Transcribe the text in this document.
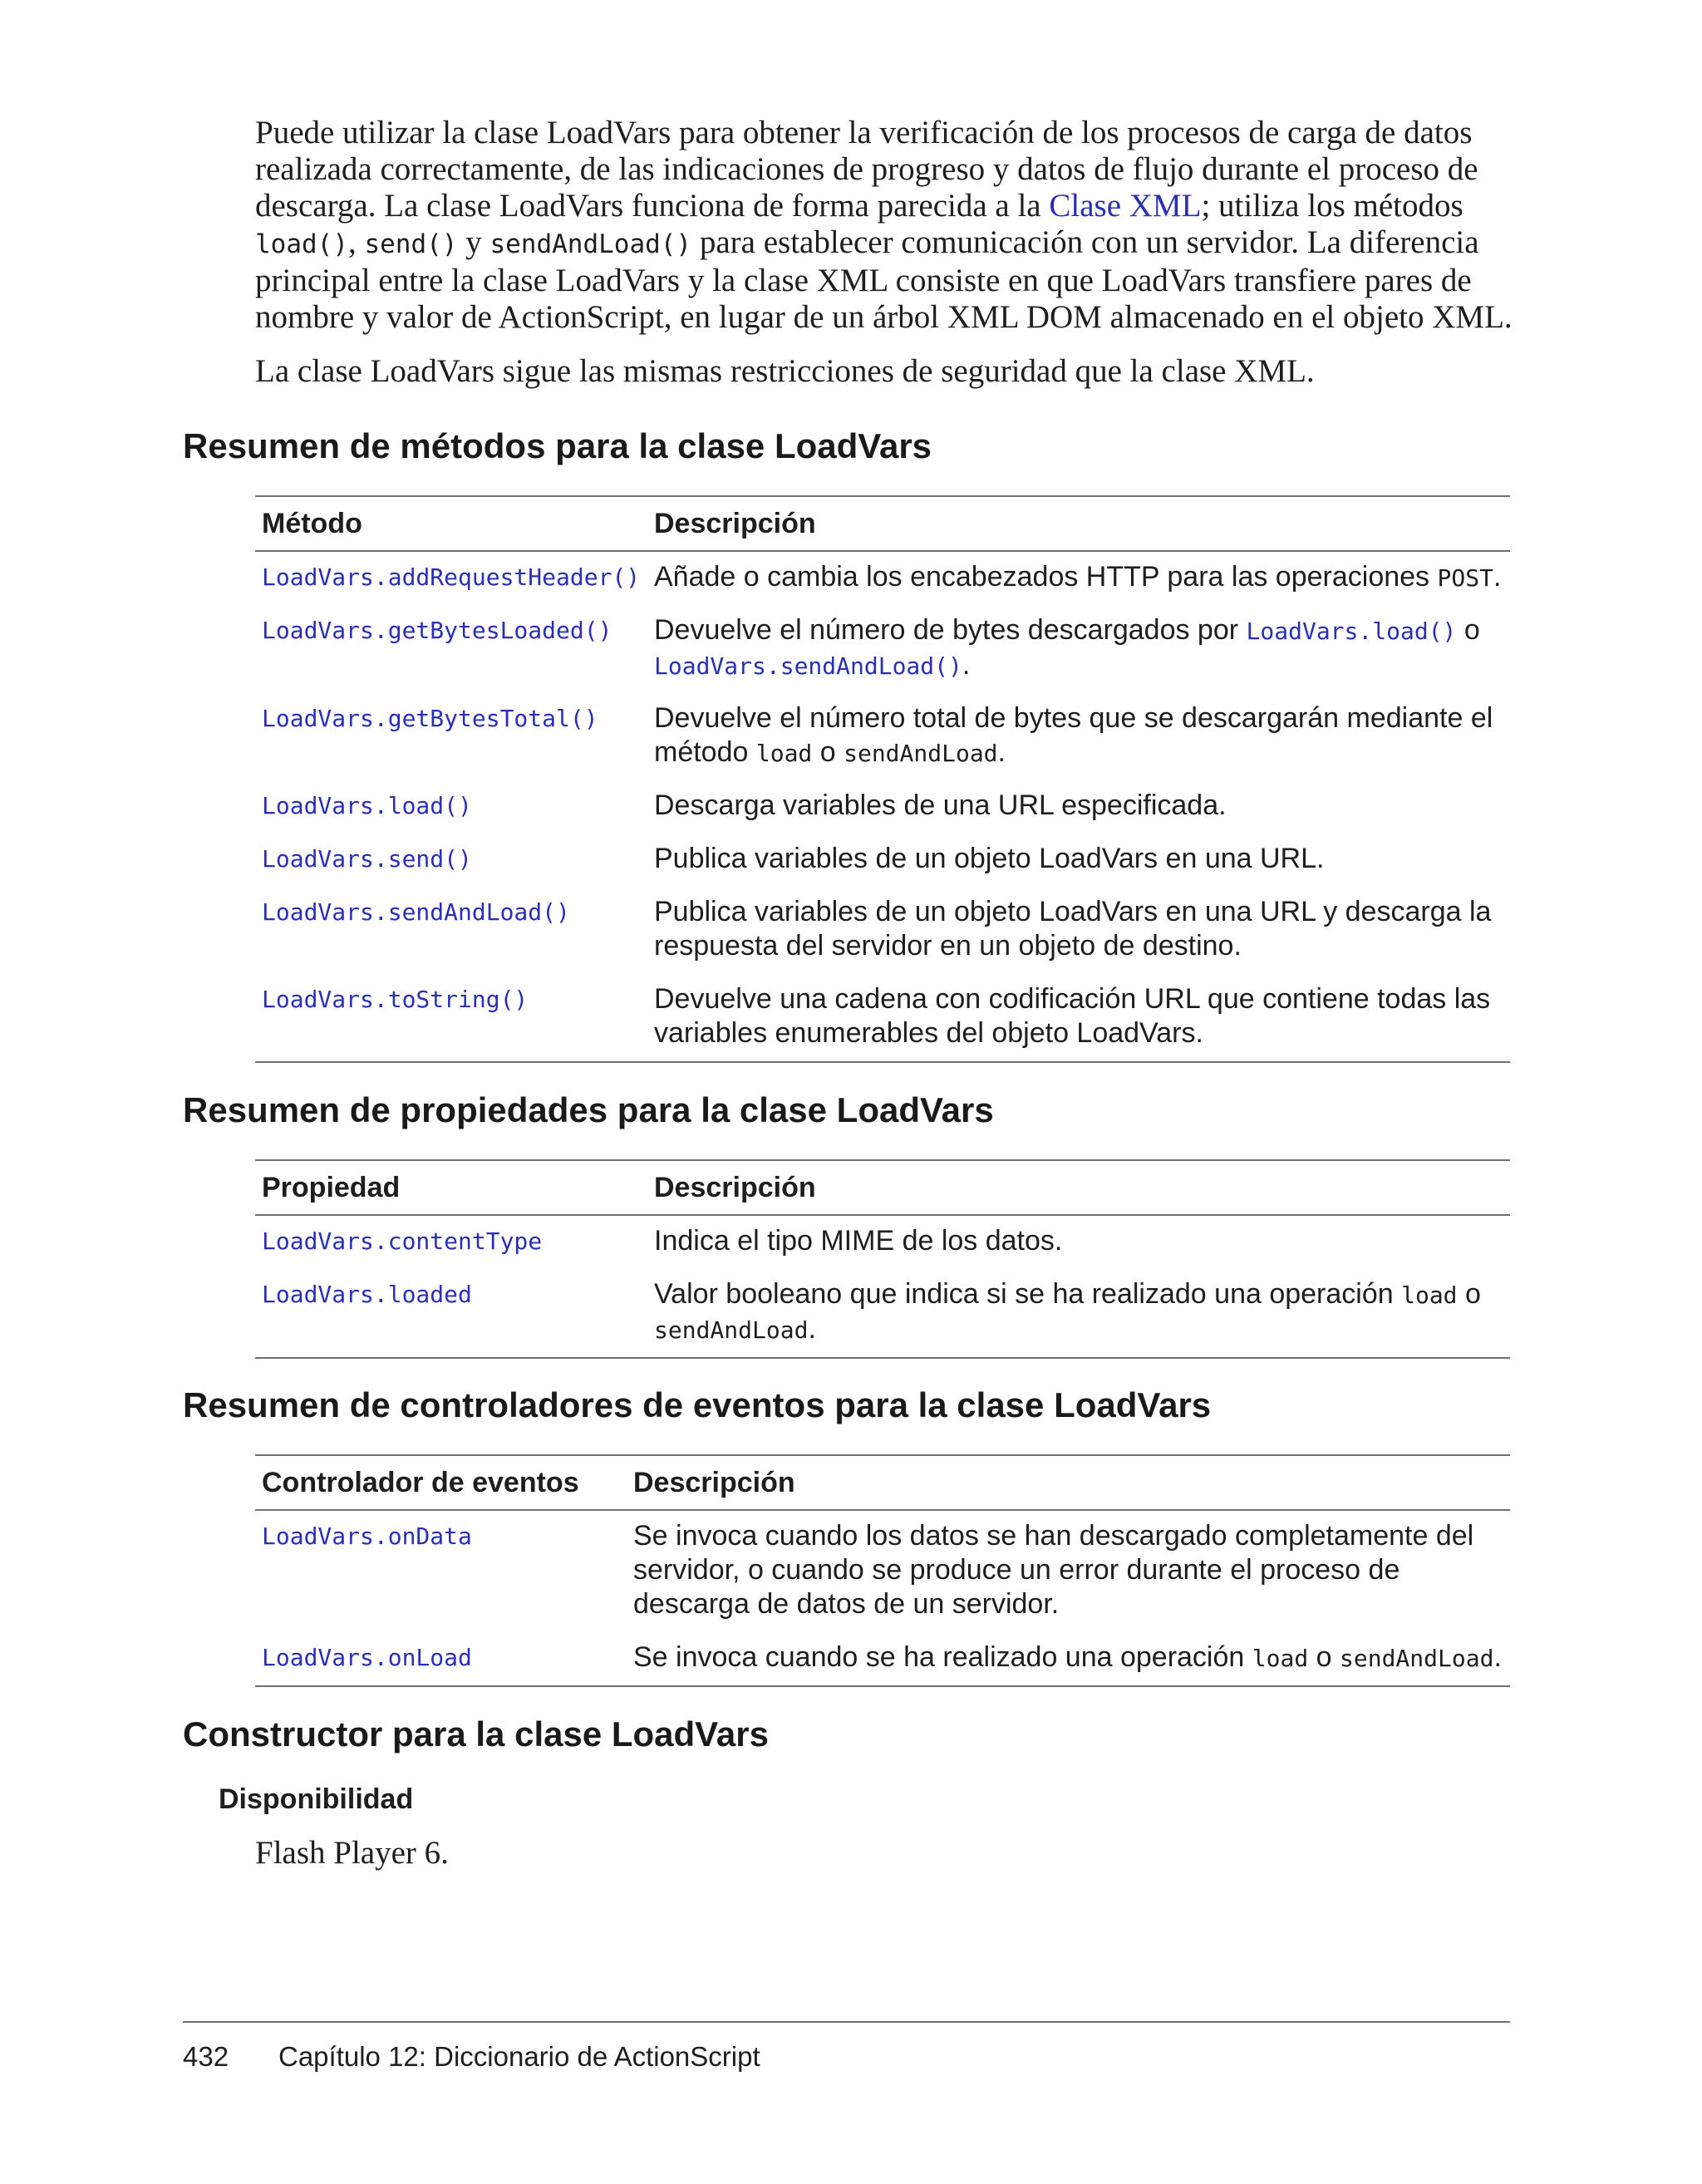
Puede utilizar la clase LoadVars para obtener la verificación de los procesos de carga de datos realizada correctamente, de las indicaciones de progreso y datos de flujo durante el proceso de descarga. La clase LoadVars funciona de forma parecida a la Clase XML; utiliza los métodos load(), send() y sendAndLoad() para establecer comunicación con un servidor. La diferencia principal entre la clase LoadVars y la clase XML consiste en que LoadVars transfiere pares de nombre y valor de ActionScript, en lugar de un árbol XML DOM almacenado en el objeto XML.

La clase LoadVars sigue las mismas restricciones de seguridad que la clase XML.

Resumen de métodos para la clase LoadVars
Método	Descripción
LoadVars.addRequestHeader()	Añade o cambia los encabezados HTTP para las operaciones POST.
LoadVars.getBytesLoaded()	Devuelve el número de bytes descargados por LoadVars.load() o LoadVars.sendAndLoad().
LoadVars.getBytesTotal()	Devuelve el número total de bytes que se descargarán mediante el método load o sendAndLoad.
LoadVars.load()	Descarga variables de una URL especificada.
LoadVars.send()	Publica variables de un objeto LoadVars en una URL.
LoadVars.sendAndLoad()	Publica variables de un objeto LoadVars en una URL y descarga la respuesta del servidor en un objeto de destino.
LoadVars.toString()	Devuelve una cadena con codificación URL que contiene todas las variables enumerables del objeto LoadVars.
Resumen de propiedades para la clase LoadVars
Propiedad	Descripción
LoadVars.contentType	Indica el tipo MIME de los datos.
LoadVars.loaded	Valor booleano que indica si se ha realizado una operación load o sendAndLoad.
Resumen de controladores de eventos para la clase LoadVars
Controlador de eventos	Descripción
LoadVars.onData	Se invoca cuando los datos se han descargado completamente del servidor, o cuando se produce un error durante el proceso de descarga de datos de un servidor.
LoadVars.onLoad	Se invoca cuando se ha realizado una operación load o sendAndLoad.
Constructor para la clase LoadVars

Disponibilidad

Flash Player 6.

432 Capítulo 12: Diccionario de ActionScript
